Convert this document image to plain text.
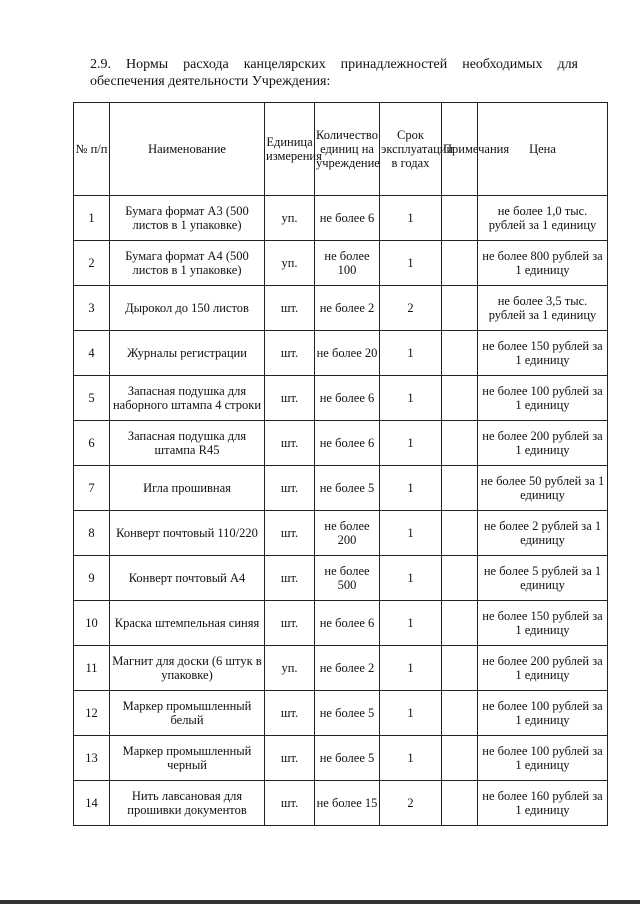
2.9. Нормы расхода канцелярских принадлежностей необходимых для обеспечения деятельности Учреждения:
№ п/п	Наименование	Единица измерения	Количество единиц на учреждение	Срок эксплуатации в годах	Примечания	Цена
1	Бумага формат А3 (500 листов в 1 упаковке)	уп.	не более 6	1		не более 1,0 тыс. рублей за 1 единицу
2	Бумага формат А4 (500 листов в 1 упаковке)	уп.	не более 100	1		не более 800 рублей за 1 единицу
3	Дырокол до 150 листов	шт.	не более 2	2		не более 3,5 тыс. рублей за 1 единицу
4	Журналы регистрации	шт.	не более 20	1		не более 150 рублей за 1 единицу
5	Запасная подушка для наборного штампа 4 строки	шт.	не более 6	1		не более 100 рублей за 1 единицу
6	Запасная подушка для штампа R45	шт.	не более 6	1		не более 200 рублей за 1 единицу
7	Игла прошивная	шт.	не более 5	1		не более 50 рублей за 1 единицу
8	Конверт почтовый 110/220	шт.	не более 200	1		не более 2 рублей за 1 единицу
9	Конверт почтовый А4	шт.	не более 500	1		не более 5 рублей за 1 единицу
10	Краска штемпельная синяя	шт.	не более 6	1		не более 150 рублей за 1 единицу
11	Магнит для доски (6 штук в упаковке)	уп.	не более 2	1		не более 200 рублей за 1 единицу
12	Маркер промышленный белый	шт.	не более 5	1		не более 100 рублей за 1 единицу
13	Маркер промышленный черный	шт.	не более 5	1		не более 100 рублей за 1 единицу
14	Нить лавсановая для прошивки документов	шт.	не более 15	2		не более 160 рублей за 1 единицу
